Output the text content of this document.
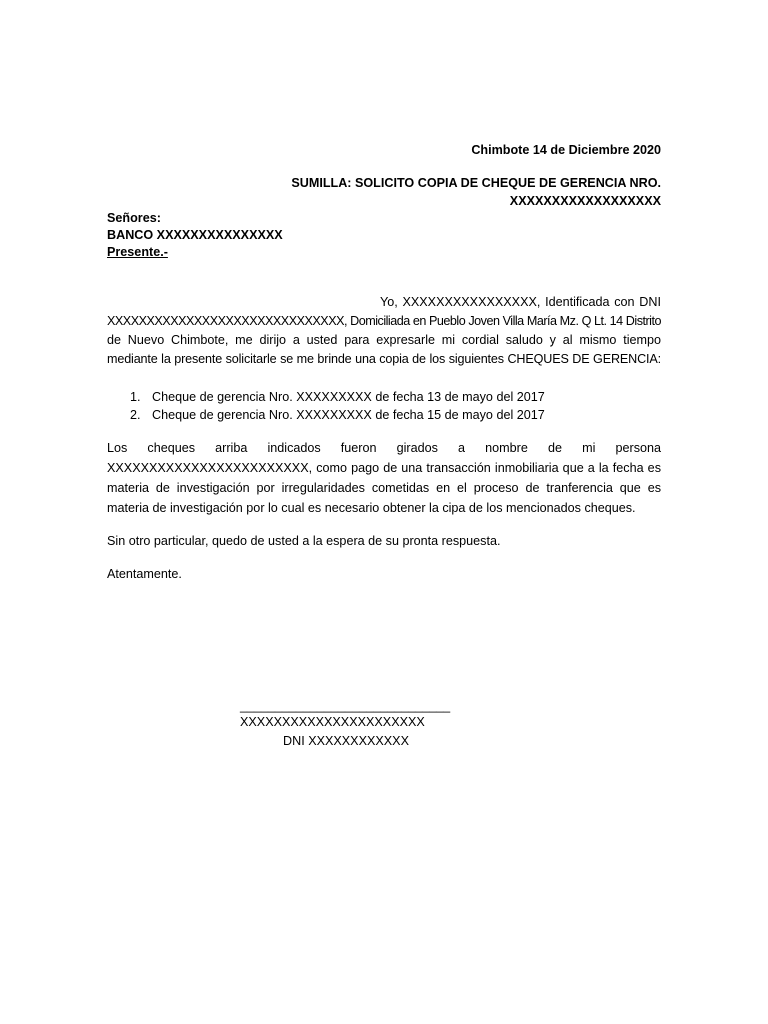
Chimbote 14 de Diciembre 2020
SUMILLA: SOLICITO COPIA DE CHEQUE DE GERENCIA NRO.
XXXXXXXXXXXXXXXXXX
Señores:
BANCO XXXXXXXXXXXXXXX
Presente.-
Yo, XXXXXXXXXXXXXXXX, Identificada con DNI
XXXXXXXXXXXXXXXXXXXXXXXXXXXXXX, Domiciliada en Pueblo Joven Villa María Mz. Q Lt. 14 Distrito
de Nuevo Chimbote, me dirijo a usted para expresarle mi cordial saludo y al mismo tiempo
mediante la presente solicitarle se me brinde una copia de los siguientes CHEQUES DE GERENCIA:
1. Cheque de gerencia Nro. XXXXXXXXX de fecha 13 de mayo del 2017
2. Cheque de gerencia Nro. XXXXXXXXX de fecha 15 de mayo del 2017
Los cheques arriba indicados fueron girados a nombre de mi persona
XXXXXXXXXXXXXXXXXXXXXXXX, como pago de una transacción inmobiliaria que a la fecha es
materia de investigación por irregularidades cometidas en el proceso de tranferencia que es
materia de investigación por lo cual es necesario obtener la cipa de los mencionados cheques.
Sin otro particular, quedo de usted a la espera de su pronta respuesta.
Atentamente.
______________________________
XXXXXXXXXXXXXXXXXXXXXX
DNI XXXXXXXXXXXX
